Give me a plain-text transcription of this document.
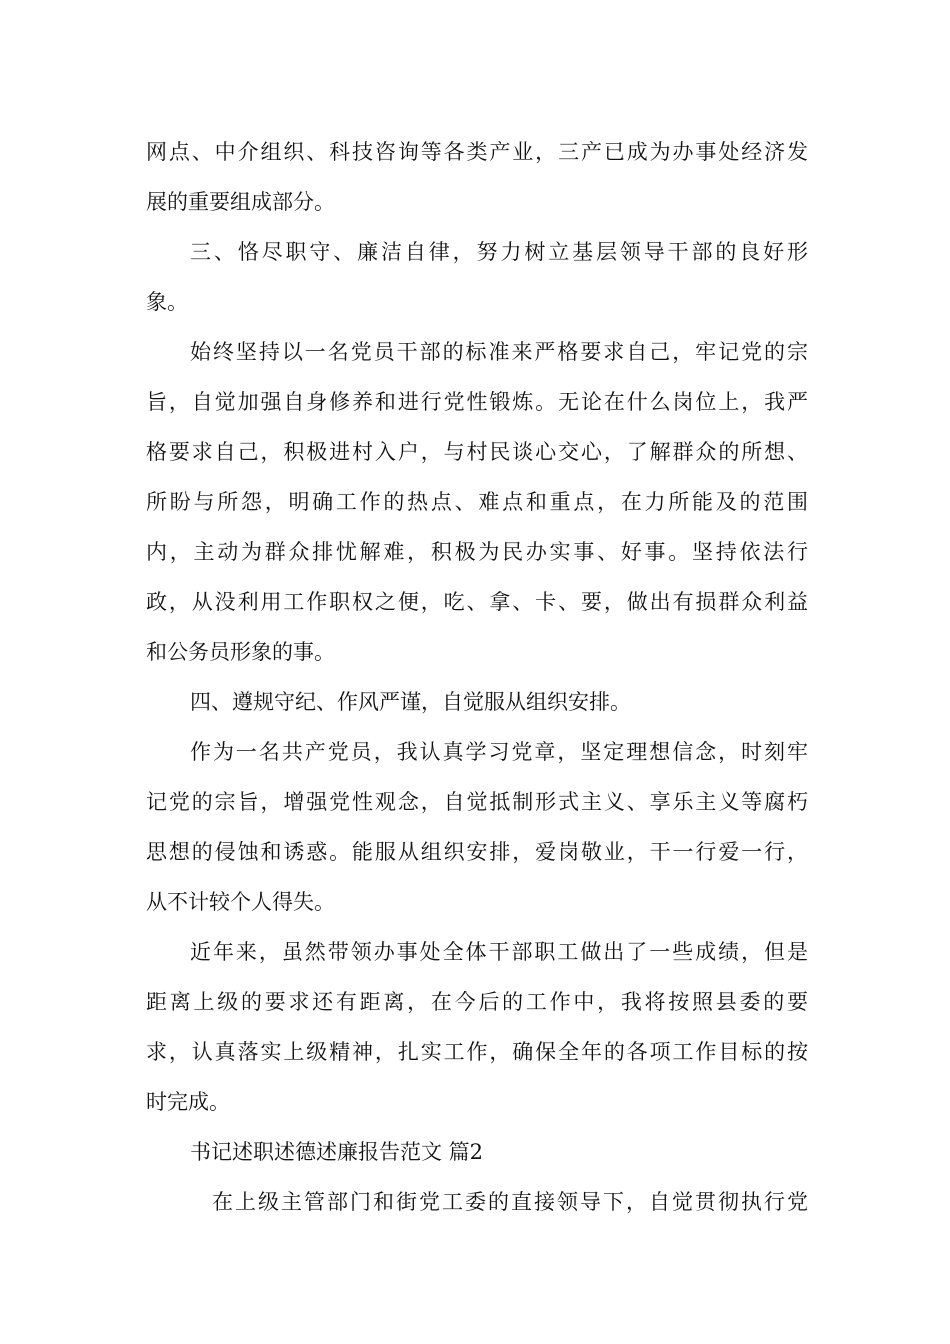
网点、中介组织、科技咨询等各类产业，三产已成为办事处经济发
展的重要组成部分。
三、恪尽职守、廉洁自律，努力树立基层领导干部的良好形
象。
始终坚持以一名党员干部的标准来严格要求自己，牢记党的宗
旨，自觉加强自身修养和进行党性锻炼。无论在什么岗位上，我严
格要求自己，积极进村入户，与村民谈心交心，了解群众的所想、
所盼与所怨，明确工作的热点、难点和重点，在力所能及的范围
内，主动为群众排忧解难，积极为民办实事、好事。坚持依法行
政，从没利用工作职权之便，吃、拿、卡、要，做出有损群众利益
和公务员形象的事。
四、遵规守纪、作风严谨，自觉服从组织安排。
作为一名共产党员，我认真学习党章，坚定理想信念，时刻牢
记党的宗旨，增强党性观念，自觉抵制形式主义、享乐主义等腐朽
思想的侵蚀和诱惑。能服从组织安排，爱岗敬业，干一行爱一行，
从不计较个人得失。
近年来，虽然带领办事处全体干部职工做出了一些成绩，但是
距离上级的要求还有距离，在今后的工作中，我将按照县委的要
求，认真落实上级精神，扎实工作，确保全年的各项工作目标的按
时完成。
书记述职述德述廉报告范文 篇2
在上级主管部门和街党工委的直接领导下，自觉贯彻执行党
